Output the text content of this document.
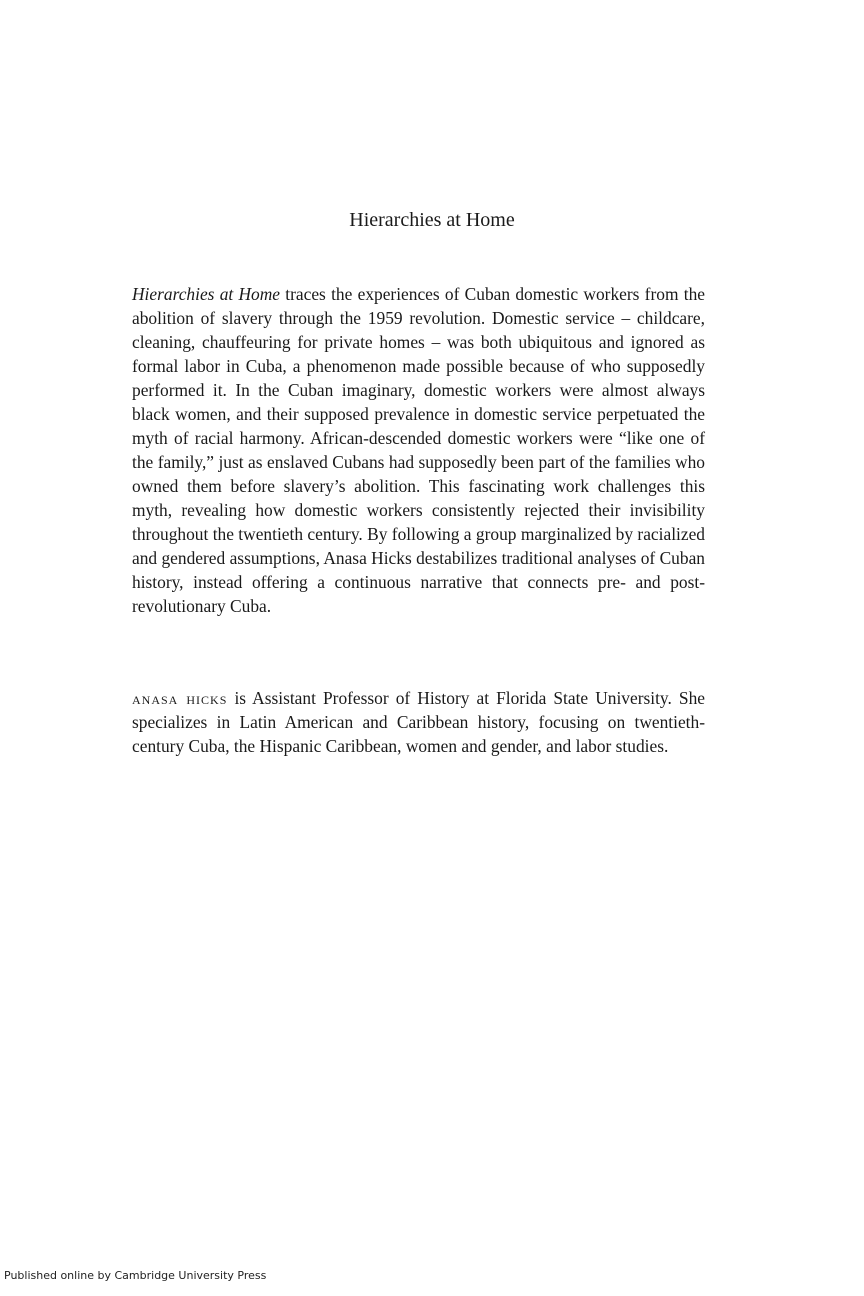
Hierarchies at Home

Hierarchies at Home traces the experiences of Cuban domestic workers from the abolition of slavery through the 1959 revolution. Domestic service – childcare, cleaning, chauffeuring for private homes – was both ubiquitous and ignored as formal labor in Cuba, a phenomenon made possible because of who supposedly performed it. In the Cuban imaginary, domestic workers were almost always black women, and their supposed prevalence in domestic service perpetuated the myth of racial harmony. African-descended domestic workers were “like one of the family,” just as enslaved Cubans had supposedly been part of the families who owned them before slavery’s abolition. This fascinating work challenges this myth, revealing how domestic workers consistently rejected their invisibility throughout the twentieth century. By following a group marginalized by racialized and gendered assumptions, Anasa Hicks destabilizes traditional analyses of Cuban history, instead offering a continuous narrative that connects pre- and postrevolutionary Cuba.

anasa hicks is Assistant Professor of History at Florida State University. She specializes in Latin American and Caribbean history, focusing on twentieth-century Cuba, the Hispanic Caribbean, women and gender, and labor studies.

Published online by Cambridge University Press
